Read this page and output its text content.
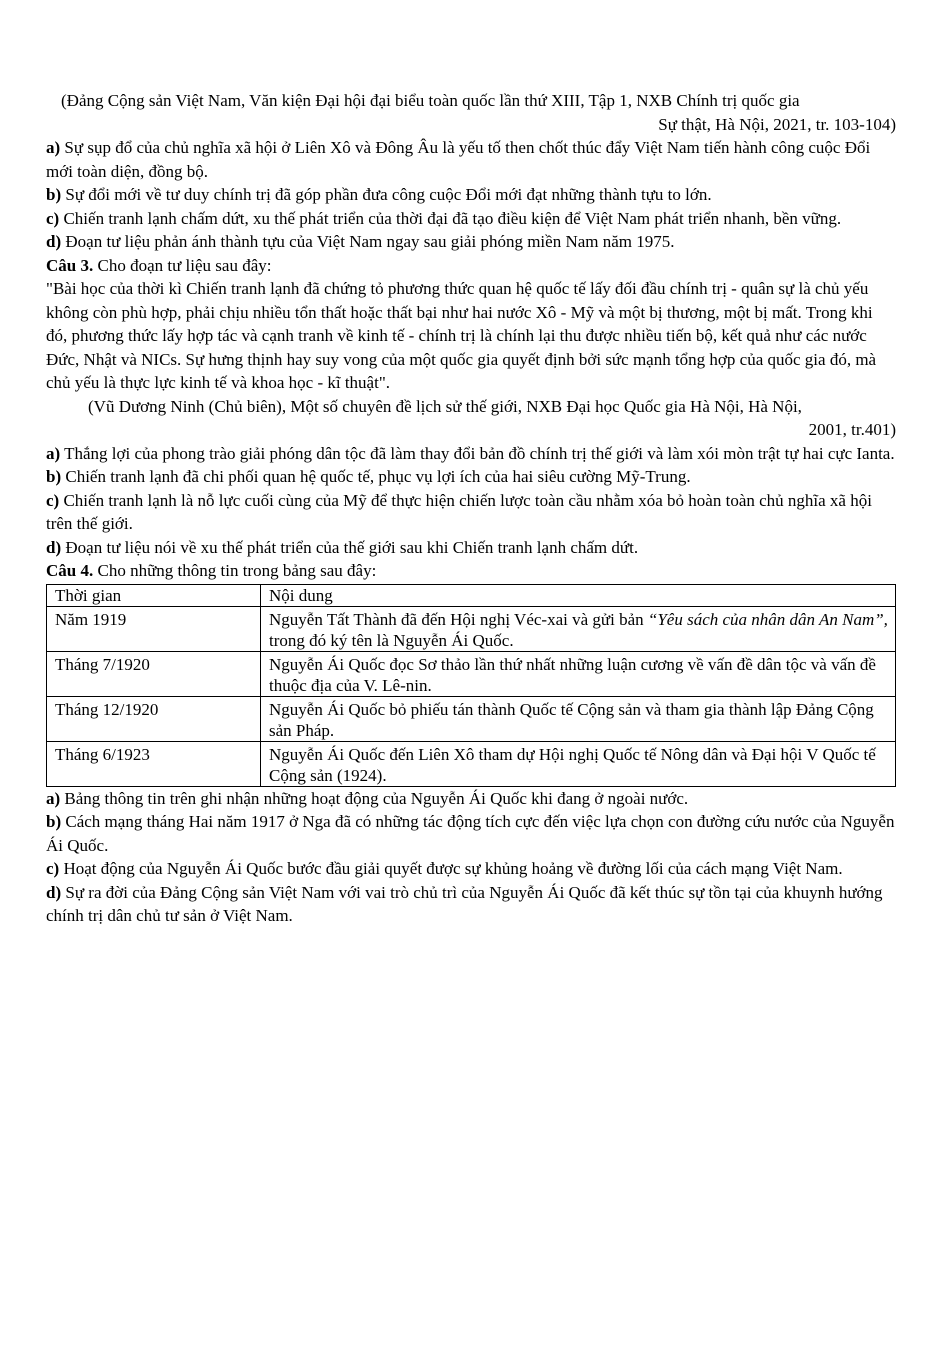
(Đảng Cộng sản Việt Nam, Văn kiện Đại hội đại biểu toàn quốc lần thứ XIII, Tập 1, NXB Chính trị quốc gia

Sự thật, Hà Nội, 2021, tr. 103-104)

a) Sự sụp đổ của chủ nghĩa xã hội ở Liên Xô và Đông Âu là yếu tố then chốt thúc đẩy Việt Nam tiến hành công cuộc Đổi mới toàn diện, đồng bộ.

b) Sự đổi mới về tư duy chính trị đã góp phần đưa công cuộc Đổi mới đạt những thành tựu to lớn.

c) Chiến tranh lạnh chấm dứt, xu thế phát triển của thời đại đã tạo điều kiện để Việt Nam phát triển nhanh, bền vững.

d) Đoạn tư liệu phản ánh thành tựu của Việt Nam ngay sau giải phóng miền Nam năm 1975.

Câu 3. Cho đoạn tư liệu sau đây:

"Bài học của thời kì Chiến tranh lạnh đã chứng tỏ phương thức quan hệ quốc tế lấy đối đầu chính trị - quân sự là chủ yếu không còn phù hợp, phải chịu nhiều tổn thất hoặc thất bại như hai nước Xô - Mỹ và một bị thương, một bị mất. Trong khi đó, phương thức lấy hợp tác và cạnh tranh về kinh tế - chính trị là chính lại thu được nhiều tiến bộ, kết quả như các nước Đức, Nhật và NICs. Sự hưng thịnh hay suy vong của một quốc gia quyết định bởi sức mạnh tổng hợp của quốc gia đó, mà chủ yếu là thực lực kinh tế và khoa học - kĩ thuật".

(Vũ Dương Ninh (Chủ biên), Một số chuyên đề lịch sử thế giới, NXB Đại học Quốc gia Hà Nội, Hà Nội,

2001, tr.401)

a) Thắng lợi của phong trào giải phóng dân tộc đã làm thay đổi bản đồ chính trị thế giới và làm xói mòn trật tự hai cực Ianta.

b) Chiến tranh lạnh đã chi phối quan hệ quốc tế, phục vụ lợi ích của hai siêu cường Mỹ-Trung.

c) Chiến tranh lạnh là nỗ lực cuối cùng của Mỹ để thực hiện chiến lược toàn cầu nhằm xóa bỏ hoàn toàn chủ nghĩa xã hội trên thế giới.

d) Đoạn tư liệu nói về xu thế phát triển của thế giới sau khi Chiến tranh lạnh chấm dứt.

Câu 4. Cho những thông tin trong bảng sau đây:

Thời gian	Nội dung
Năm 1919	Nguyễn Tất Thành đã đến Hội nghị Véc-xai và gửi bản “Yêu sách của nhân dân An Nam”, trong đó ký tên là Nguyễn Ái Quốc.
Tháng 7/1920	Nguyễn Ái Quốc đọc Sơ thảo lần thứ nhất những luận cương về vấn đề dân tộc và vấn đề thuộc địa của V. Lê-nin.
Tháng 12/1920	Nguyễn Ái Quốc bỏ phiếu tán thành Quốc tế Cộng sản và tham gia thành lập Đảng Cộng sản Pháp.
Tháng 6/1923	Nguyễn Ái Quốc đến Liên Xô tham dự Hội nghị Quốc tế Nông dân và Đại hội V Quốc tế Cộng sản (1924).

a) Bảng thông tin trên ghi nhận những hoạt động của Nguyễn Ái Quốc khi đang ở ngoài nước.

b) Cách mạng tháng Hai năm 1917 ở Nga đã có những tác động tích cực đến việc lựa chọn con đường cứu nước của Nguyễn Ái Quốc.

c) Hoạt động của Nguyễn Ái Quốc bước đầu giải quyết được sự khủng hoảng về đường lối của cách mạng Việt Nam.

d) Sự ra đời của Đảng Cộng sản Việt Nam với vai trò chủ trì của Nguyễn Ái Quốc đã kết thúc sự tồn tại của khuynh hướng chính trị dân chủ tư sản ở Việt Nam.
